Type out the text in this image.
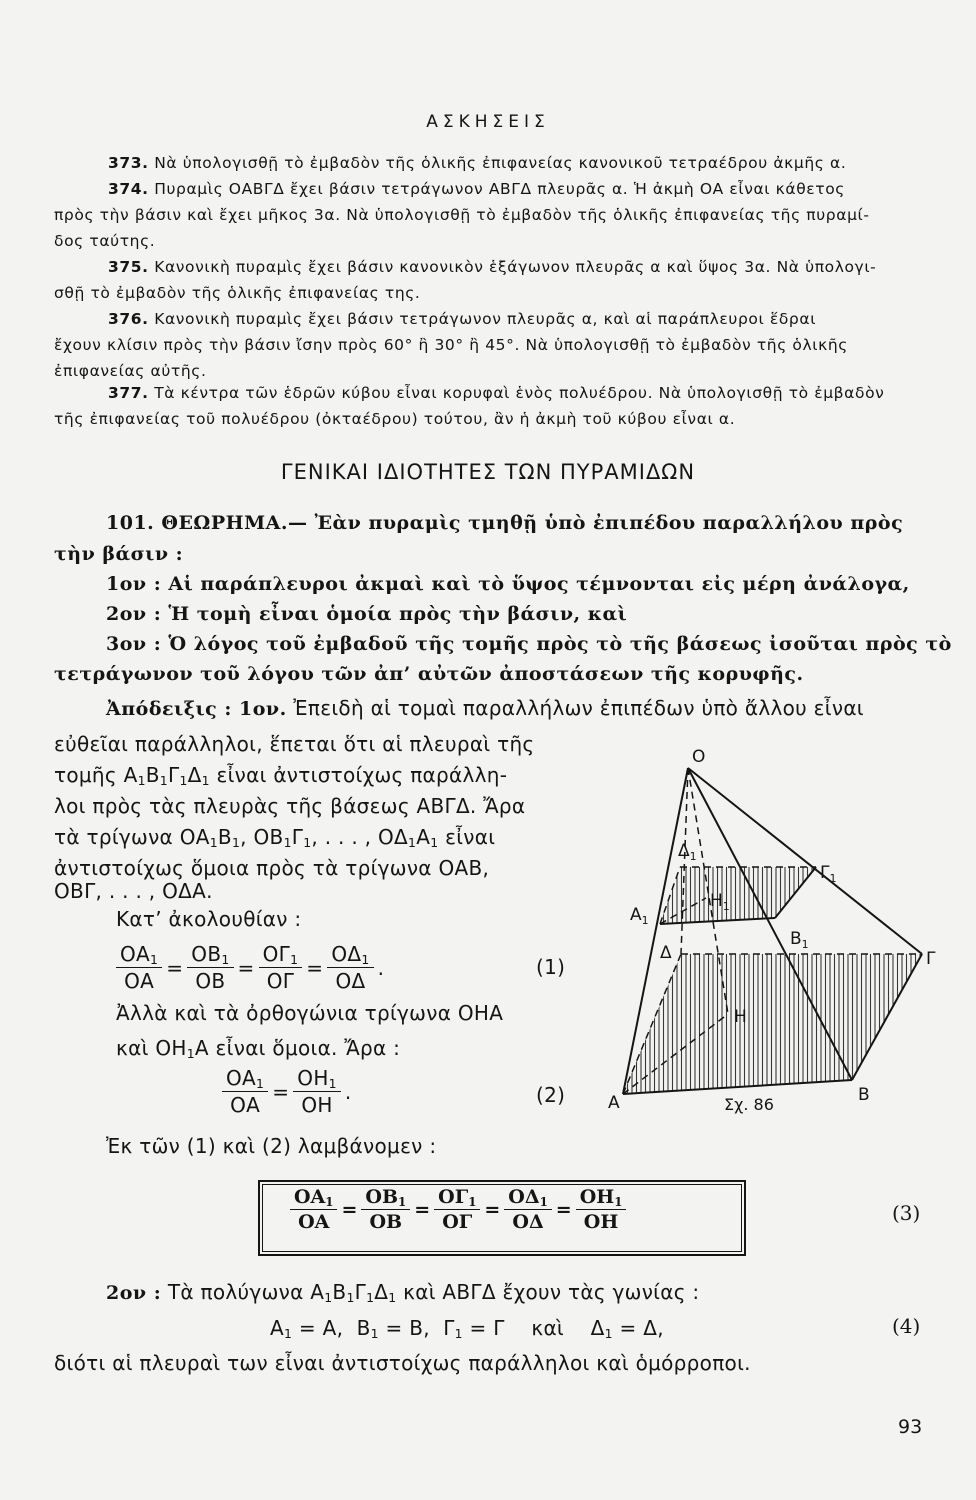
ΑΣΚΗΣΕΙΣ
373. Νὰ ὑπολογισθῇ τὸ ἐμβαδὸν τῆς ὁλικῆς ἐπιφανείας κανονικοῦ τετραέδρου ἀκμῆς α.
374. Πυραμὶς ΟΑΒΓΔ ἔχει βάσιν τετράγωνον ΑΒΓΔ πλευρᾶς α. Ἡ ἀκμὴ ΟΑ εἶναι κάθετος
πρὸς τὴν βάσιν καὶ ἔχει μῆκος 3α. Νὰ ὑπολογισθῇ τὸ ἐμβαδὸν τῆς ὁλικῆς ἐπιφανείας τῆς πυραμί-
δος ταύτης.
375. Κανονικὴ πυραμὶς ἔχει βάσιν κανονικὸν ἑξάγωνον πλευρᾶς α καὶ ὕψος 3α. Νὰ ὑπολογι-
σθῇ τὸ ἐμβαδὸν τῆς ὁλικῆς ἐπιφανείας της.
376. Κανονικὴ πυραμὶς ἔχει βάσιν τετράγωνον πλευρᾶς α, καὶ αἱ παράπλευροι ἕδραι
ἔχουν κλίσιν πρὸς τὴν βάσιν ἴσην πρὸς 60° ἢ 30° ἢ 45°. Νὰ ὑπολογισθῇ τὸ ἐμβαδὸν τῆς ὁλικῆς
ἐπιφανείας αὐτῆς.
377. Τὰ κέντρα τῶν ἑδρῶν κύβου εἶναι κορυφαὶ ἑνὸς πολυέδρου. Νὰ ὑπολογισθῇ τὸ ἐμβαδὸν
τῆς ἐπιφανείας τοῦ πολυέδρου (ὀκταέδρου) τούτου, ἂν ἡ ἀκμὴ τοῦ κύβου εἶναι α.
ΓΕΝΙΚΑΙ ΙΔΙΟΤΗΤΕΣ ΤΩΝ ΠΥΡΑΜΙΔΩΝ
101. ΘΕΩΡΗΜΑ.— Ἐὰν πυραμὶς τμηθῇ ὑπὸ ἐπιπέδου παραλλήλου πρὸς
τὴν βάσιν :
1ον : Αἱ παράπλευροι ἀκμαὶ καὶ τὸ ὕψος τέμνονται εἰς μέρη ἀνάλογα,
2ον : Ἡ τομὴ εἶναι ὁμοία πρὸς τὴν βάσιν, καὶ
3ον : Ὁ λόγος τοῦ ἐμβαδοῦ τῆς τομῆς πρὸς τὸ τῆς βάσεως ἰσοῦται πρὸς τὸ
τετράγωνον τοῦ λόγου τῶν ἀπ’ αὐτῶν ἀποστάσεων τῆς κορυφῆς.
Ἀπόδειξις : 1ον. Ἐπειδὴ αἱ τομαὶ παραλλήλων ἐπιπέδων ὑπὸ ἄλλου εἶναι
εὐθεῖαι παράλληλοι, ἕπεται ὅτι αἱ πλευραὶ τῆς
τομῆς $A_1B_1\Gamma_1\Delta_1$ εἶναι ἀντιστοίχως παράλλη-
λοι πρὸς τὰς πλευρὰς τῆς βάσεως ΑΒΓΔ. Ἄρα
τὰ τρίγωνα $OA_1B_1$, $OB_1\Gamma_1$, . . . , $O\Delta_1A_1$ εἶναι
ἀντιστοίχως ὅμοια πρὸς τὰ τρίγωνα ΟΑΒ,
ΟΒΓ, . . . , ΟΔΑ.
Κατ’ ἀκολουθίαν :
$\frac{OA_1}{OA} = \frac{OB_1}{OB} = \frac{O\Gamma_1}{O\Gamma} = \frac{O\Delta_1}{O\Delta}$ .	(1)
Ἀλλὰ καὶ τὰ ὀρθογώνια τρίγωνα ΟΗΑ
καὶ $OH_1A$ εἶναι ὅμοια. Ἄρα :
$\frac{OA_1}{OA} = \frac{OH_1}{OH}$ .	(2)
Ἐκ τῶν (1) καὶ (2) λαμβάνομεν :
$\frac{OA_1}{OA} = \frac{OB_1}{OB} = \frac{O\Gamma_1}{O\Gamma} = \frac{O\Delta_1}{O\Delta} = \frac{OH_1}{OH}$	(3)
2ον : Τὰ πολύγωνα $A_1B_1\Gamma_1\Delta_1$ καὶ ΑΒΓΔ ἔχουν τὰς γωνίας :
$A_1 = A$, $B_1 = B$, $\Gamma_1 = \Gamma$ καὶ $\Delta_1 = \Delta$,	(4)
διότι αἱ πλευραὶ των εἶναι ἀντιστοίχως παράλληλοι καὶ ὁμόρροποι.
O
Γ
B
A
H
Δ
$A_1$
$B_1$
$\Gamma_1$
$\Delta_1$
$H_1$
Σχ. 86
93
